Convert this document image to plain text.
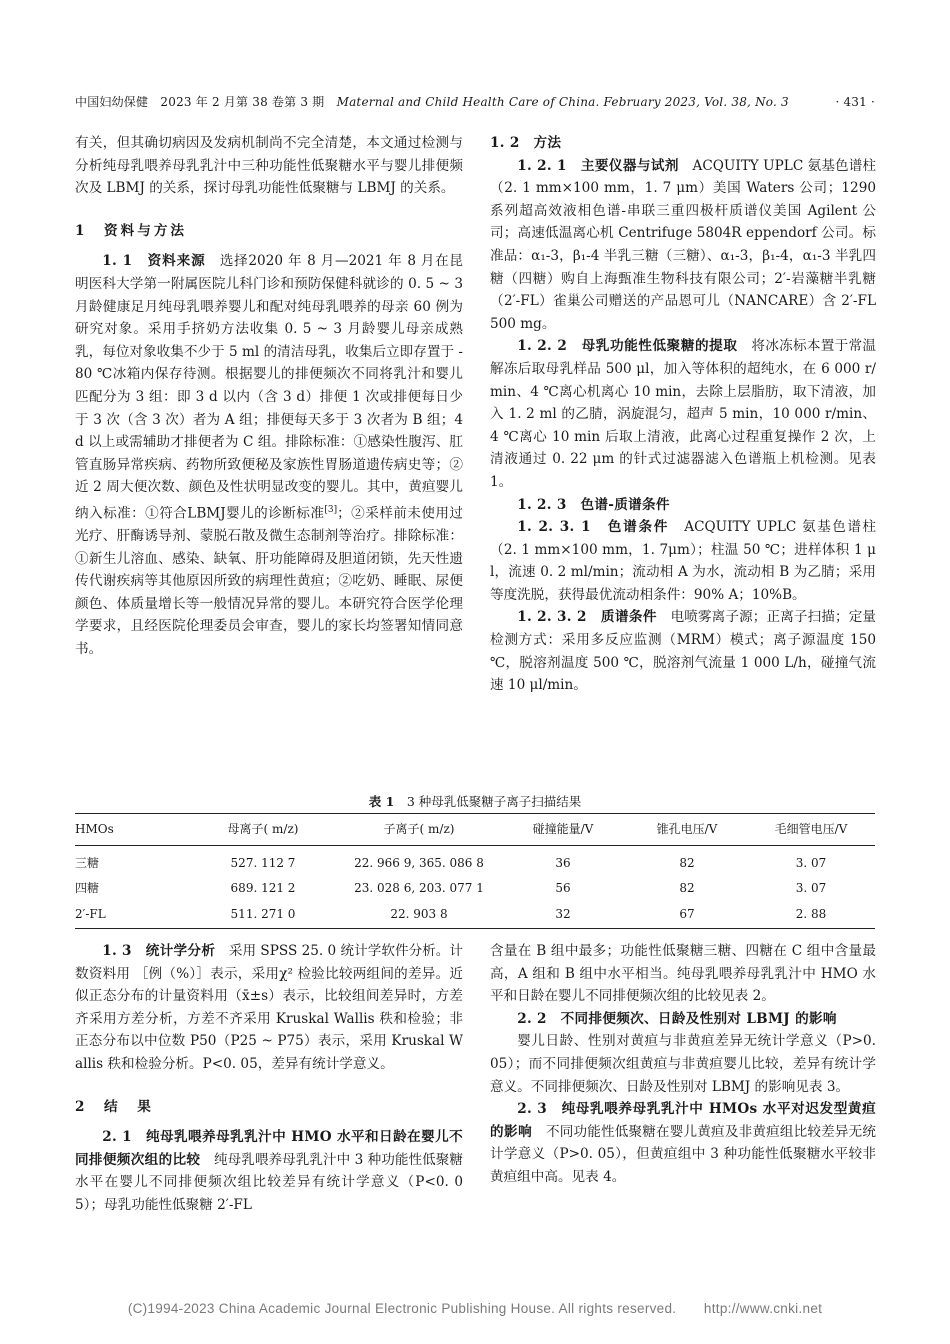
中国妇幼保健　2023 年 2 月第 38 卷第 3 期　 Maternal and Child Health Care of China. February 2023, Vol. 38, No. 3	· 431 ·

有关，但其确切病因及发病机制尚不完全清楚，本文通过检测与分析纯母乳喂养母乳乳汁中三种功能性低聚糖水平与婴儿排便频次及 LBMJ 的关系，探讨母乳功能性低聚糖与 LBMJ 的关系。

1　资料与方法

1. 1　资料来源　选择2020 年 8 月—2021 年 8 月在昆明医科大学第一附属医院儿科门诊和预防保健科就诊的 0. 5 ~ 3 月龄健康足月纯母乳喂养婴儿和配对纯母乳喂养的母亲 60 例为研究对象。采用手挤奶方法收集 0. 5 ~ 3 月龄婴儿母亲成熟乳，每位对象收集不少于 5 ml 的清洁母乳，收集后立即存置于 -80 ℃冰箱内保存待测。根据婴儿的排便频次不同将乳汁和婴儿匹配分为 3 组：即 3 d 以内（含 3 d）排便 1 次或排便每日少于 3 次（含 3 次）者为 A 组；排便每天多于 3 次者为 B 组；4 d 以上或需辅助才排便者为 C 组。排除标准：①感染性腹泻、肛管直肠异常疾病、药物所致便秘及家族性胃肠道遗传病史等；②近 2 周大便次数、颜色及性状明显改变的婴儿。其中，黄疸婴儿纳入标准：①符合LBMJ婴儿的诊断标准[3]；②采样前未使用过光疗、肝酶诱导剂、蒙脱石散及微生态制剂等治疗。排除标准：①新生儿溶血、感染、缺氧、肝功能障碍及胆道闭锁，先天性遗传代谢疾病等其他原因所致的病理性黄疸；②吃奶、睡眠、尿便颜色、体质量增长等一般情况异常的婴儿。本研究符合医学伦理学要求，且经医院伦理委员会审查，婴儿的家长均签署知情同意书。

1. 2　方法

1. 2. 1　主要仪器与试剂　ACQUITY UPLC 氨基色谱柱（2. 1 mm×100 mm，1. 7 μm）美国 Waters 公司；1290 系列超高效液相色谱-串联三重四极杆质谱仪美国 Agilent 公司；高速低温离心机 Centrifuge 5804R eppendorf 公司。标准品：α₁-3，β₁-4 半乳三糖（三糖）、α₁-3，β₁-4，α₁-3 半乳四糖（四糖）购自上海甄准生物科技有限公司；2′-岩藻糖半乳糖（2′-FL）雀巢公司赠送的产品恩可儿（NANCARE）含 2′-FL 500 mg。

1. 2. 2　母乳功能性低聚糖的提取　将冰冻标本置于常温解冻后取母乳样品 500 μl，加入等体积的超纯水，在 6 000 r/min、4 ℃离心机离心 10 min，去除上层脂肪，取下清液，加入 1. 2 ml 的乙腈，涡旋混匀，超声 5 min，10 000 r/min、4 ℃离心 10 min 后取上清液，此离心过程重复操作 2 次，上清液通过 0. 22 μm 的针式过滤器滤入色谱瓶上机检测。见表 1。

1. 2. 3　色谱-质谱条件

1. 2. 3. 1　色谱条件　ACQUITY UPLC 氨基色谱柱（2. 1 mm×100 mm，1. 7μm）；柱温 50 ℃；进样体积 1 μl，流速 0. 2 ml/min；流动相 A 为水，流动相 B 为乙腈；采用等度洗脱，获得最优流动相条件：90% A；10%B。

1. 2. 3. 2　质谱条件　电喷雾离子源；正离子扫描；定量检测方式：采用多反应监测（MRM）模式；离子源温度 150 ℃，脱溶剂温度 500 ℃，脱溶剂气流量 1 000 L/h，碰撞气流速 10 μl/min。

表 1　 3 种母乳低聚糖子离子扫描结果
HMOs	母离子( m/z)	子离子( m/z)	碰撞能量/V	锥孔电压/V	毛细管电压/V
三糖	527. 112 7	22. 966 9, 365. 086 8	36	82	3. 07
四糖	689. 121 2	23. 028 6, 203. 077 1	56	82	3. 07
2′-FL	511. 271 0	22. 903 8	32	67	2. 88

1. 3　统计学分析　采用 SPSS 25. 0 统计学软件分析。计数资料用 ［例（%）］表示，采用χ² 检验比较两组间的差异。近似正态分布的计量资料用（x̄±s）表示，比较组间差异时，方差齐采用方差分析，方差不齐采用 Kruskal Wallis 秩和检验；非正态分布以中位数 P50（P25 ~ P75）表示，采用 Kruskal Wallis 秩和检验分析。P<0. 05，差异有统计学意义。

2　结　果

2. 1　纯母乳喂养母乳乳汁中 HMO 水平和日龄在婴儿不同排便频次组的比较　纯母乳喂养母乳乳汁中 3 种功能性低聚糖水平在婴儿不同排便频次组比较差异有统计学意义（P<0. 05）；母乳功能性低聚糖 2′-FL

含量在 B 组中最多；功能性低聚糖三糖、四糖在 C 组中含量最高，A 组和 B 组中水平相当。纯母乳喂养母乳乳汁中 HMO 水平和日龄在婴儿不同排便频次组的比较见表 2。

2. 2　不同排便频次、日龄及性别对 LBMJ 的影响

婴儿日龄、性别对黄疸与非黄疸差异无统计学意义（P>0. 05）；而不同排便频次组黄疸与非黄疸婴儿比较，差异有统计学意义。不同排便频次、日龄及性别对 LBMJ 的影响见表 3。

2. 3　纯母乳喂养母乳乳汁中 HMOs 水平对迟发型黄疸的影响　不同功能性低聚糖在婴儿黄疸及非黄疸组比较差异无统计学意义（P>0. 05），但黄疸组中 3 种功能性低聚糖水平较非黄疸组中高。见表 4。

(C)1994-2023 China Academic Journal Electronic Publishing House. All rights reserved.　　http://www.cnki.net
